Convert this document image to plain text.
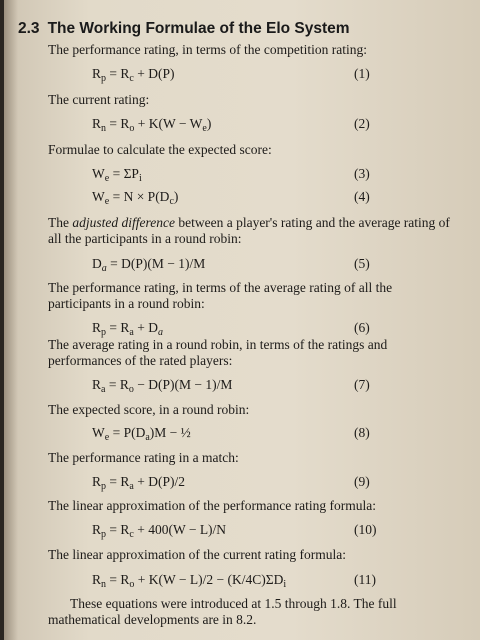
2.3 The Working Formulae of the Elo System
The performance rating, in terms of the competition rating:
$R_p = R_c + D(P)$	(1)
The current rating:
$R_n = R_o + K(W - W_e)$	(2)
Formulae to calculate the expected score:
$W_e = \Sigma P_i$	(3)
$W_e = N \times P(D_c)$	(4)
The adjusted difference between a player's rating and the average rating of all the participants in a round robin:
$D_a = D(P)(M - 1)/M$	(5)
The performance rating, in terms of the average rating of all the participants in a round robin:
$R_p = R_a + D_a$	(6)
The average rating in a round robin, in terms of the ratings and performances of the rated players:
$R_a = R_o - D(P)(M - 1)/M$	(7)
The expected score, in a round robin:
$W_e = P(D_a)M$ − ½	(8)
The performance rating in a match:
$R_p = R_a + D(P)/2$	(9)
The linear approximation of the performance rating formula:
$R_p = R_c + 400(W - L)/N$	(10)
The linear approximation of the current rating formula:
$R_n = R_o + K(W - L)/2 - (K/4C)\Sigma D_i$	(11)
These equations were introduced at 1.5 through 1.8. The full mathematical developments are in 8.2.
